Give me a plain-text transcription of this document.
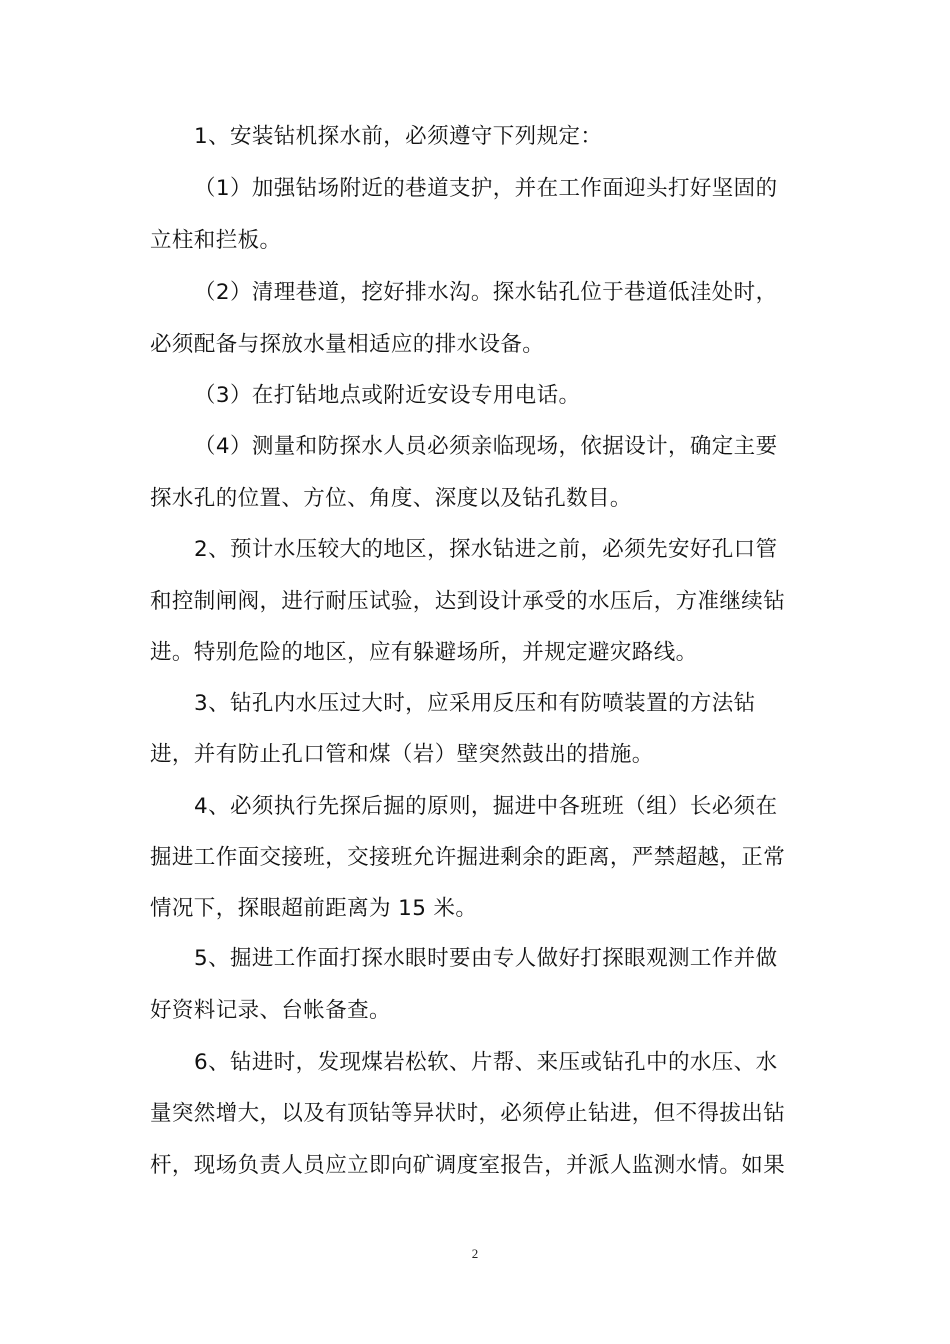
1、安装钻机探水前，必须遵守下列规定：
（1）加强钻场附近的巷道支护，并在工作面迎头打好坚固的
立柱和拦板。
（2）清理巷道，挖好排水沟。探水钻孔位于巷道低洼处时，
必须配备与探放水量相适应的排水设备。
（3）在打钻地点或附近安设专用电话。
（4）测量和防探水人员必须亲临现场，依据设计，确定主要
探水孔的位置、方位、角度、深度以及钻孔数目。
2、预计水压较大的地区，探水钻进之前，必须先安好孔口管
和控制闸阀，进行耐压试验，达到设计承受的水压后，方准继续钻
进。特别危险的地区，应有躲避场所，并规定避灾路线。
3、钻孔内水压过大时，应采用反压和有防喷装置的方法钻
进，并有防止孔口管和煤（岩）壁突然鼓出的措施。
4、必须执行先探后掘的原则，掘进中各班班（组）长必须在
掘进工作面交接班，交接班允许掘进剩余的距离，严禁超越，正常
情况下，探眼超前距离为 15 米。
5、掘进工作面打探水眼时要由专人做好打探眼观测工作并做
好资料记录、台帐备查。
6、钻进时，发现煤岩松软、片帮、来压或钻孔中的水压、水
量突然增大，以及有顶钻等异状时，必须停止钻进，但不得拔出钻
杆，现场负责人员应立即向矿调度室报告，并派人监测水情。如果
2
